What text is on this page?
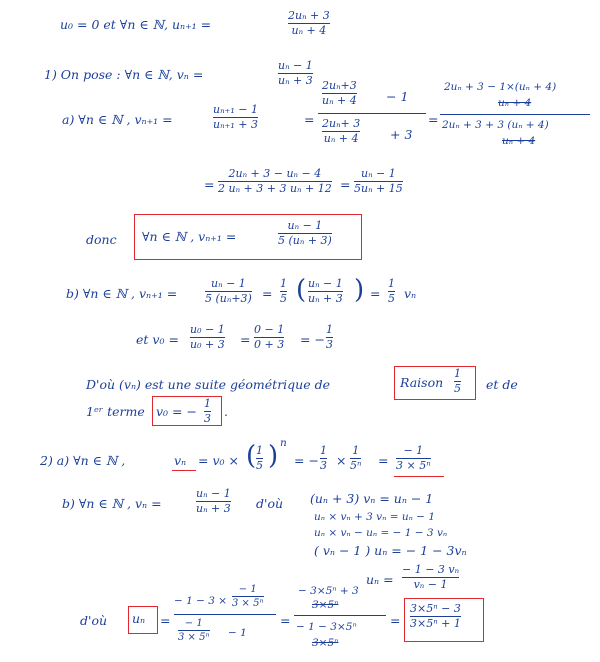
u₀ = 0 et ∀n ∈ ℕ, uₙ₊₁ =
2uₙ + 3
uₙ + 4
1) On pose : ∀n ∈ ℕ, vₙ =
uₙ − 1
uₙ + 3
a) ∀n ∈ ℕ , vₙ₊₁ =
uₙ₊₁ − 1
uₙ₊₁ + 3	=
2uₙ+3
uₙ + 4 − 1
2uₙ+ 3
uₙ + 4	+ 3
=
2uₙ + 3 − 1×(uₙ + 4)
uₙ + 4
2uₙ + 3 + 3 (uₙ + 4)
uₙ + 4
=
2uₙ + 3 − uₙ − 4
2 uₙ + 3 + 3 uₙ + 12 =
uₙ − 1
5uₙ + 15
donc ∀n ∈ ℕ , vₙ₊₁ =
uₙ − 1
5 (uₙ + 3)
b) ∀n ∈ ℕ , vₙ₊₁ =
uₙ − 1
5 (uₙ+3) =
1
5 ( uₙ − 1
uₙ + 3 ) =
1
5 vₙ
et v₀ =
u₀ − 1
u₀ + 3 =
0 − 1
0 + 3 = −
1
3
D'où (vₙ) est une suite géométrique de	Raison
1
5 et de
1ᵉʳ terme v₀ = −
1
3 .
2) a) ∀n ∈ ℕ ,	vₙ = v₀ × ( 1
5 ) n
= −
1
3 ×
1
5ⁿ =
− 1
3 × 5ⁿ
b) ∀n ∈ ℕ , vₙ =
uₙ − 1
uₙ + 3 d'où (uₙ + 3) vₙ = uₙ − 1
uₙ × vₙ + 3 vₙ = uₙ − 1
uₙ × vₙ − uₙ = − 1 − 3 vₙ
( vₙ − 1 ) uₙ = − 1 − 3vₙ
uₙ =
− 1 − 3 vₙ
vₙ − 1
d'où uₙ =
− 1 − 3 ×
− 1
3 × 5ⁿ
− 1
3 × 5ⁿ − 1
=
− 3×5ⁿ + 3
3×5ⁿ
− 1 − 3×5ⁿ
3×5ⁿ
=
3×5ⁿ − 3
3×5ⁿ + 1
